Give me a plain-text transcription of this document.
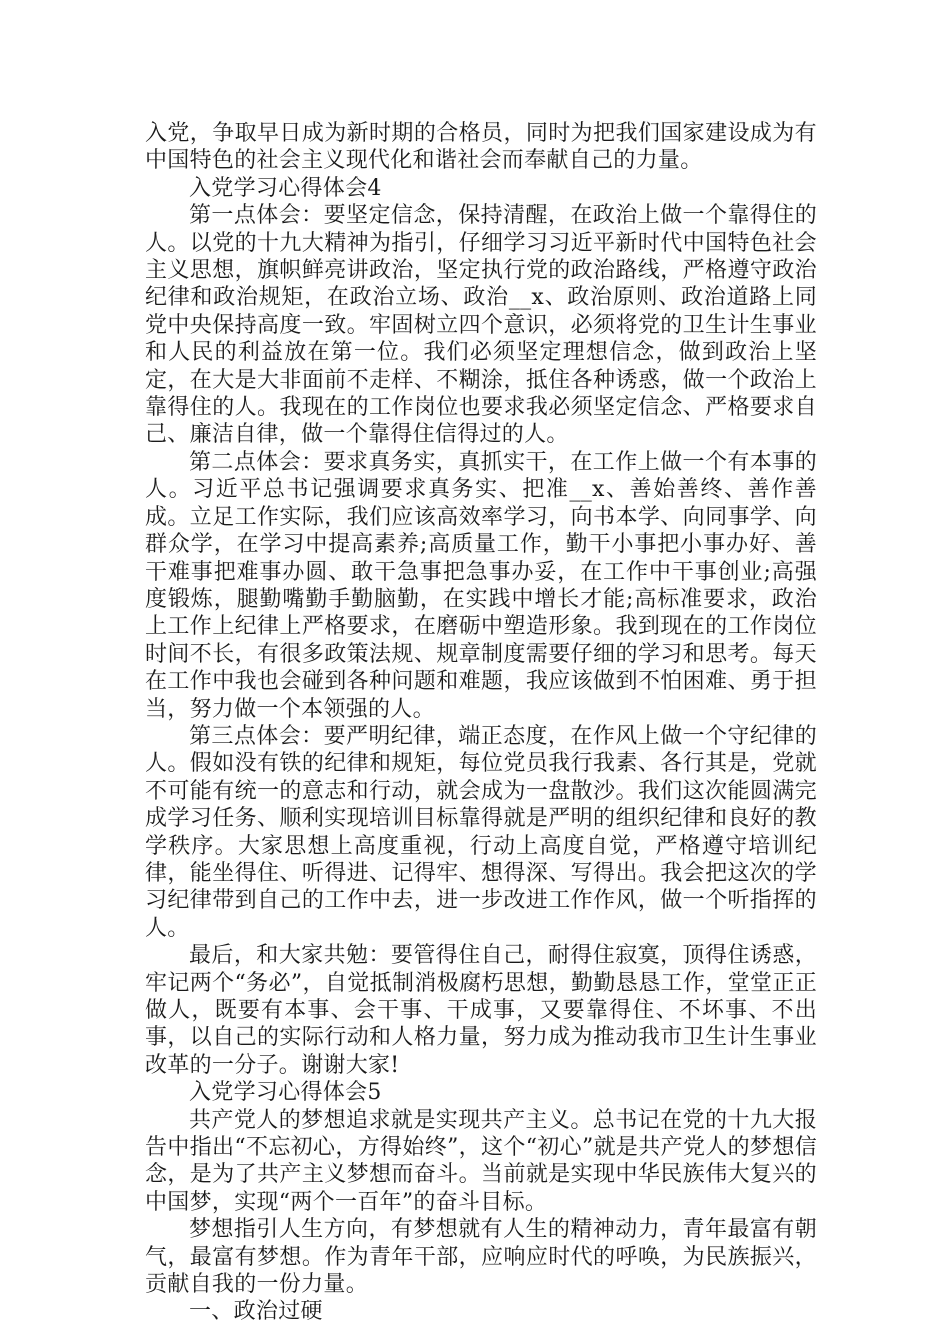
入党，争取早日成为新时期的合格员，同时为把我们国家建设成为有中国特色的社会主义现代化和谐社会而奉献自己的力量。

入党学习心得体会4

第一点体会：要坚定信念，保持清醒，在政治上做一个靠得住的人。以党的十九大精神为指引，仔细学习习近平新时代中国特色社会主义思想，旗帜鲜亮讲政治，坚定执行党的政治路线，严格遵守政治纪律和政治规矩，在政治立场、政治__x、政治原则、政治道路上同党中央保持高度一致。牢固树立四个意识，必须将党的卫生计生事业和人民的利益放在第一位。我们必须坚定理想信念，做到政治上坚定，在大是大非面前不走样、不糊涂，抵住各种诱惑，做一个政治上靠得住的人。我现在的工作岗位也要求我必须坚定信念、严格要求自己、廉洁自律，做一个靠得住信得过的人。

第二点体会：要求真务实，真抓实干，在工作上做一个有本事的人。习近平总书记强调要求真务实、把准__x、善始善终、善作善成。立足工作实际，我们应该高效率学习，向书本学、向同事学、向群众学，在学习中提高素养;高质量工作，勤干小事把小事办好、善干难事把难事办圆、敢干急事把急事办妥，在工作中干事创业;高强度锻炼，腿勤嘴勤手勤脑勤，在实践中增长才能;高标准要求，政治上工作上纪律上严格要求，在磨砺中塑造形象。我到现在的工作岗位时间不长，有很多政策法规、规章制度需要仔细的学习和思考。每天在工作中我也会碰到各种问题和难题，我应该做到不怕困难、勇于担当，努力做一个本领强的人。

第三点体会：要严明纪律，端正态度，在作风上做一个守纪律的人。假如没有铁的纪律和规矩，每位党员我行我素、各行其是，党就不可能有统一的意志和行动，就会成为一盘散沙。我们这次能圆满完成学习任务、顺利实现培训目标靠得就是严明的组织纪律和良好的教学秩序。大家思想上高度重视，行动上高度自觉，严格遵守培训纪律，能坐得住、听得进、记得牢、想得深、写得出。我会把这次的学习纪律带到自己的工作中去，进一步改进工作作风，做一个听指挥的人。

最后，和大家共勉：要管得住自己，耐得住寂寞，顶得住诱惑，牢记两个“务必”，自觉抵制消极腐朽思想，勤勤恳恳工作，堂堂正正做人，既要有本事、会干事、干成事，又要靠得住、不坏事、不出事，以自己的实际行动和人格力量，努力成为推动我市卫生计生事业改革的一分子。谢谢大家!

入党学习心得体会5

共产党人的梦想追求就是实现共产主义。总书记在党的十九大报告中指出“不忘初心，方得始终”，这个“初心”就是共产党人的梦想信念，是为了共产主义梦想而奋斗。当前就是实现中华民族伟大复兴的中国梦，实现“两个一百年”的奋斗目标。

梦想指引人生方向，有梦想就有人生的精神动力，青年最富有朝气，最富有梦想。作为青年干部，应响应时代的呼唤，为民族振兴，贡献自我的一份力量。

一、政治过硬
